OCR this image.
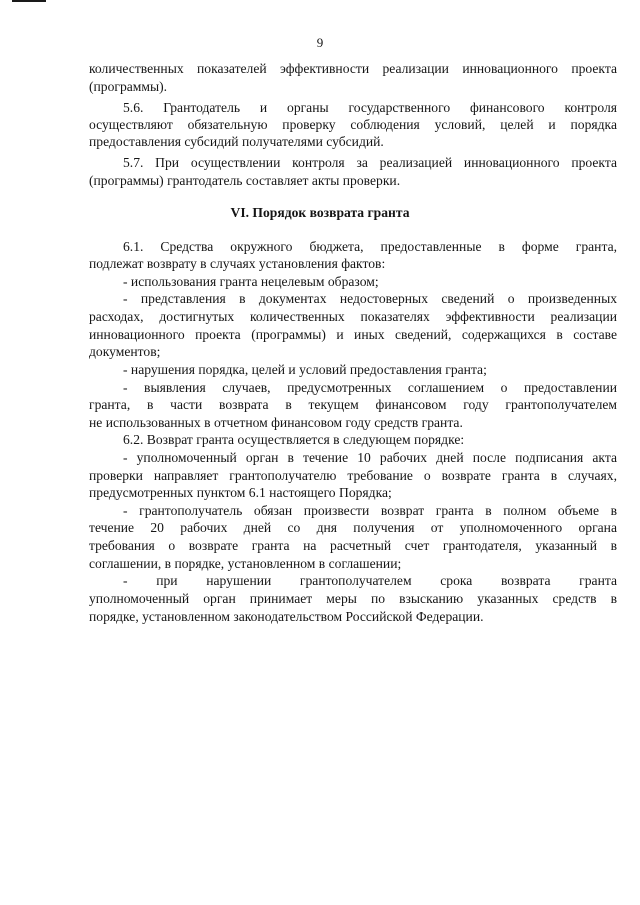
9
количественных показателей эффективности реализации инновационного проекта
(программы).
5.6. Грантодатель и органы государственного финансового контроля
осуществляют обязательную проверку соблюдения условий, целей и порядка
предоставления субсидий получателями субсидий.
5.7. При осуществлении контроля за реализацией инновационного проекта
(программы) грантодатель составляет акты проверки.
VI. Порядок возврата гранта
6.1. Средства окружного бюджета, предоставленные в форме гранта,
подлежат возврату в случаях установления фактов:
- использования гранта нецелевым образом;
- представления в документах недостоверных сведений о произведенных
расходах, достигнутых количественных показателях эффективности реализации
инновационного проекта (программы) и иных сведений, содержащихся в составе
документов;
- нарушения порядка, целей и условий предоставления гранта;
- выявления случаев, предусмотренных соглашением о предоставлении
гранта, в части возврата в текущем финансовом году грантополучателем
не использованных в отчетном финансовом году средств гранта.
6.2. Возврат гранта осуществляется в следующем порядке:
- уполномоченный орган в течение 10 рабочих дней после подписания акта
проверки направляет грантополучателю требование о возврате гранта в случаях,
предусмотренных пунктом 6.1 настоящего Порядка;
- грантополучатель обязан произвести возврат гранта в полном объеме в
течение 20 рабочих дней со дня получения от уполномоченного органа
требования о возврате гранта на расчетный счет грантодателя, указанный в
соглашении, в порядке, установленном в соглашении;
- при нарушении грантополучателем срока возврата гранта
уполномоченный орган принимает меры по взысканию указанных средств в
порядке, установленном законодательством Российской Федерации.
